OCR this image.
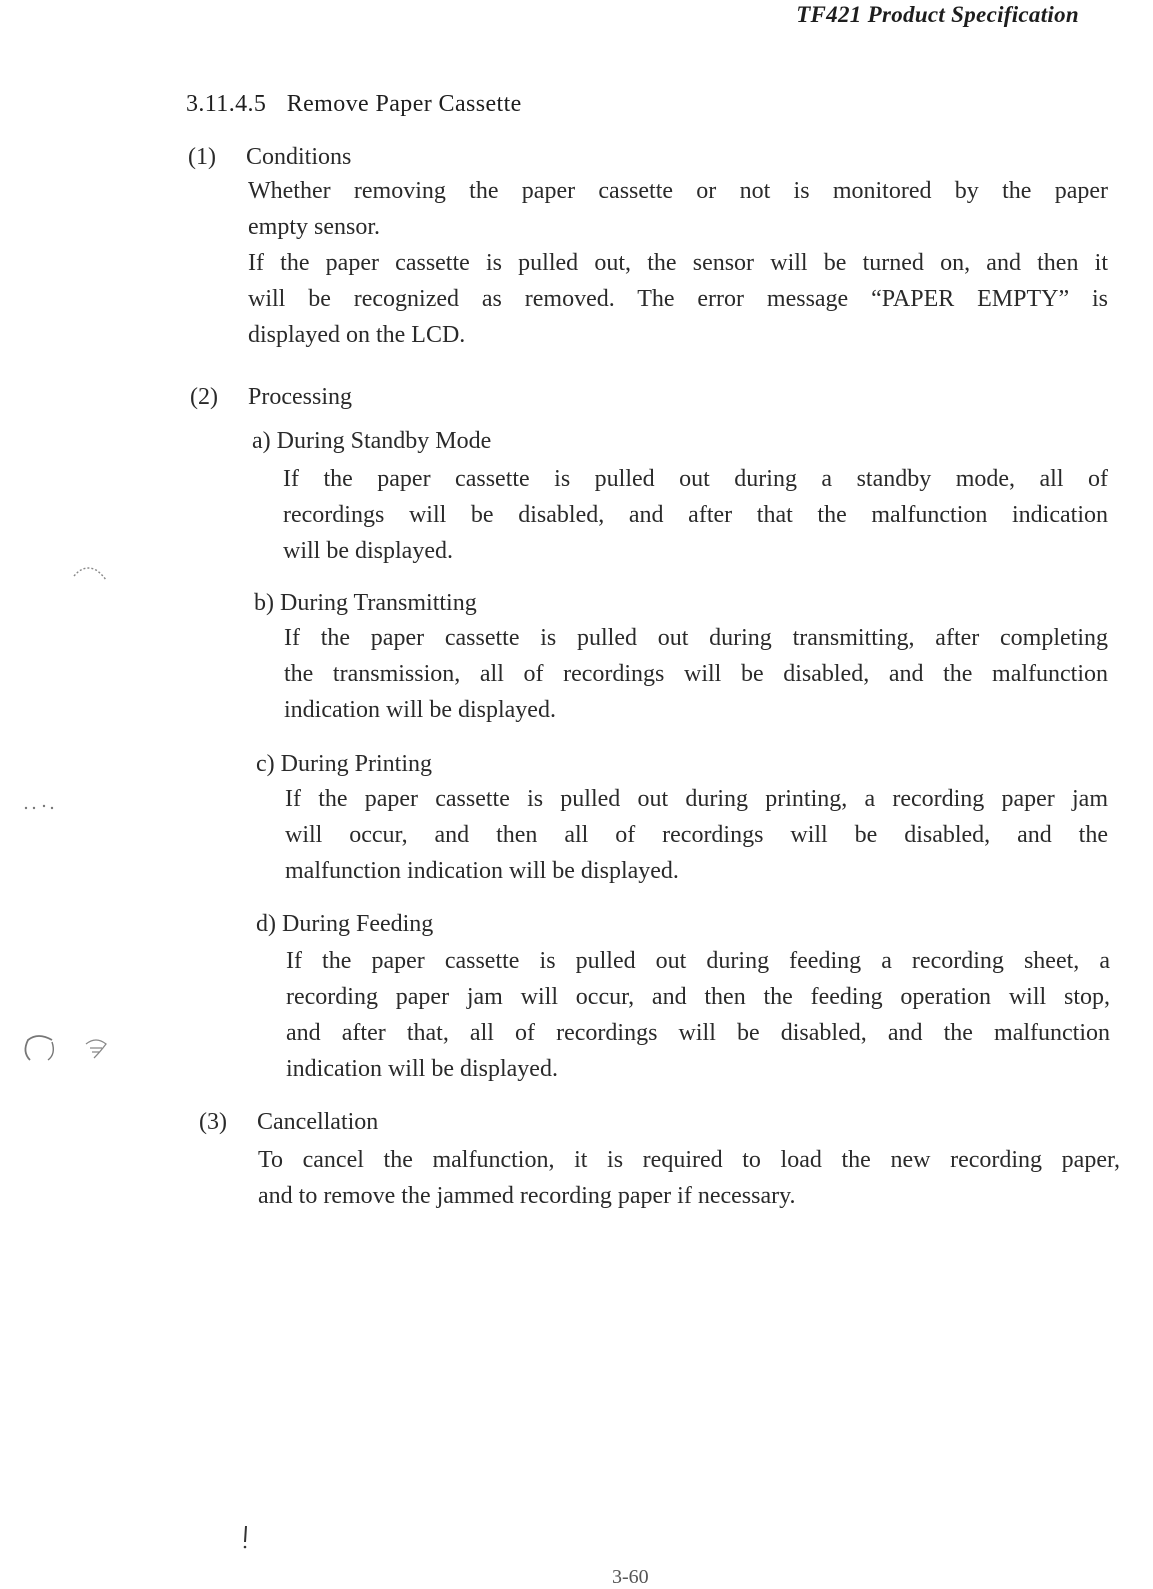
TF421 Product Specification
3.11.4.5 Remove Paper Cassette
(1) Conditions
Whether removing the paper cassette or not is monitored by the paper
empty sensor.
If the paper cassette is pulled out, the sensor will be turned on, and then it
will be recognized as removed. The error message “PAPER EMPTY” is
displayed on the LCD.
(2) Processing
a) During Standby Mode
If the paper cassette is pulled out during a standby mode, all of
recordings will be disabled, and after that the malfunction indication
will be displayed.
b) During Transmitting
If the paper cassette is pulled out during transmitting, after completing
the transmission, all of recordings will be disabled, and the malfunction
indication will be displayed.
c) During Printing
If the paper cassette is pulled out during printing, a recording paper jam
will occur, and then all of recordings will be disabled, and the
malfunction indication will be displayed.
d) During Feeding
If the paper cassette is pulled out during feeding a recording sheet, a
recording paper jam will occur, and then the feeding operation will stop,
and after that, all of recordings will be disabled, and the malfunction
indication will be displayed.
(3) Cancellation
To cancel the malfunction, it is required to load the new recording paper,
and to remove the jammed recording paper if necessary.
3-60
